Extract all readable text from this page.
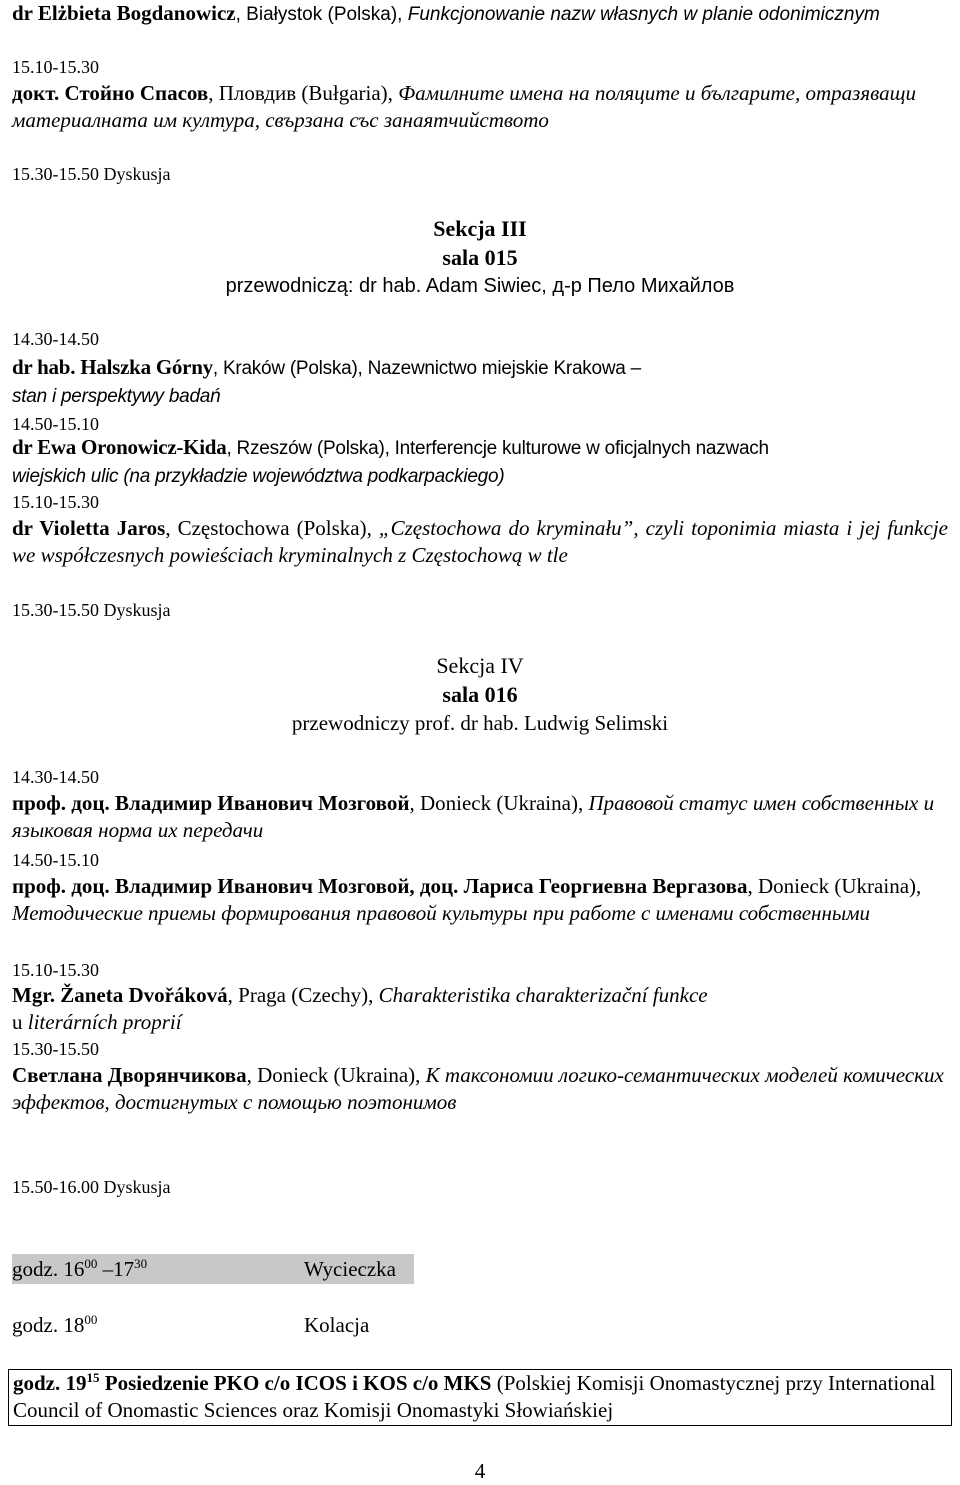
dr Elżbieta Bogdanowicz, Białystok (Polska), Funkcjonowanie nazw własnych w planie odonimicznym

15.10-15.30

докт. Стойно Спасов, Пловдив (Bułgaria), Фамилните имена на поляците и българите, отразяващи материалната им култура, свързана със занаятчийството

15.30-15.50 Dyskusja
Sekcja III
sala 015
przewodniczą: dr hab. Adam Siwiec, д-р Пело Михайлов
14.30-14.50

dr hab. Halszka Górny, Kraków (Polska), Nazewnictwo miejskie Krakowa –
stan i perspektywy badań

14.50-15.10

dr Ewa Oronowicz-Kida, Rzeszów (Polska), Interferencje kulturowe w oficjalnych nazwach
wiejskich ulic (na przykładzie województwa podkarpackiego)

15.10-15.30

dr Violetta Jaros, Częstochowa (Polska), „Częstochowa do kryminału”, czyli toponimia miasta i jej funkcje we współczesnych powieściach kryminalnych z Częstochową w tle

15.30-15.50 Dyskusja
Sekcja IV
sala 016
przewodniczy prof. dr hab. Ludwig Selimski
14.30-14.50

проф. доц. Владимир Иванович Мозговой, Donieck (Ukraina), Правовой статус имен собственных и языковая норма их передачи

14.50-15.10

проф. доц. Владимир Иванович Мозговой, доц. Лариса Георгиевна Вергазова, Donieck (Ukraina), Методические приемы формирования правовой культуры при работе с именами собственными

15.10-15.30

Mgr. Žaneta Dvořáková, Praga (Czechy), Charakteristika charakterizační funkce
u literárních proprií

15.30-15.50

Светлана Дворянчикова, Donieck (Ukraina), К таксономии логико-семантических моделей комических эффектов, достигнутых с помощью поэтонимов

15.50-16.00 Dyskusja
godz. $16^{00}$ $-17^{30}$	Wycieczka
godz. $18^{00}$	Kolacja

godz. $19^{15}$ Posiedzenie PKO c/o ICOS i KOS c/o MKS (Polskiej Komisji Onomastycznej przy International Council of Onomastic Sciences oraz Komisji Onomastyki Słowiańskiej

4
